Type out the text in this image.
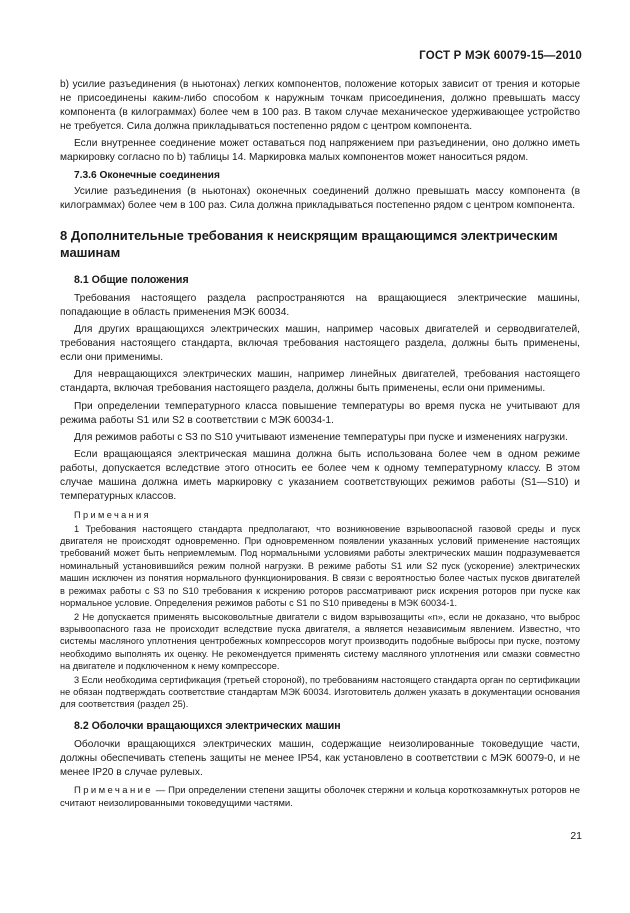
ГОСТ Р МЭК 60079-15—2010

b) усилие разъединения (в ньютонах) легких компонентов, положение которых зависит от трения и которые не присоединены каким-либо способом к наружным точкам присоединения, должно превышать массу компонента (в килограммах) более чем в 100 раз. В таком случае механическое удерживающее устройство не требуется. Сила должна прикладываться постепенно рядом с центром компонента.

Если внутреннее соединение может оставаться под напряжением при разъединении, оно должно иметь маркировку согласно по b) таблицы 14. Маркировка малых компонентов может наноситься рядом.

7.3.6 Оконечные соединения

Усилие разъединения (в ньютонах) оконечных соединений должно превышать массу компонента (в килограммах) более чем в 100 раз. Сила должна прикладываться постепенно рядом с центром компонента.

8 Дополнительные требования к неискрящим вращающимся электрическим машинам
8.1 Общие положения

Требования настоящего раздела распространяются на вращающиеся электрические машины, попадающие в область применения МЭК 60034.

Для других вращающихся электрических машин, например часовых двигателей и серводвигателей, требования настоящего стандарта, включая требования настоящего раздела, должны быть применены, если они применимы.

Для невращающихся электрических машин, например линейных двигателей, требования настоящего стандарта, включая требования настоящего раздела, должны быть применены, если они применимы.

При определении температурного класса повышение температуры во время пуска не учитывают для режима работы S1 или S2 в соответствии с МЭК 60034-1.

Для режимов работы с S3 по S10 учитывают изменение температуры при пуске и изменениях нагрузки.

Если вращающаяся электрическая машина должна быть использована более чем в одном режиме работы, допускается вследствие этого относить ее более чем к одному температурному классу. В этом случае машина должна иметь маркировку с указанием соответствующих режимов работы (S1—S10) и температурных классов.

Примечания
1 Требования настоящего стандарта предполагают, что возникновение взрывоопасной газовой среды и пуск двигателя не происходят одновременно. При одновременном появлении указанных условий применение настоящих требований может быть неприемлемым. Под нормальными условиями работы электрических машин подразумевается номинальный установившийся режим полной нагрузки. В режиме работы S1 или S2 пуск (ускорение) электрических машин исключен из понятия нормального функционирования. В связи с вероятностью более частых пусков двигателей в режимах работы с S3 по S10 требования к искрению роторов рассматривают риск искрения роторов при пуске как нормальное условие. Определения режимов работы с S1 по S10 приведены в МЭК 60034-1.
2 Не допускается применять высоковольтные двигатели с видом взрывозащиты «n», если не доказано, что выброс взрывоопасного газа не происходит вследствие пуска двигателя, а является независимым явлением. Известно, что системы масляного уплотнения центробежных компрессоров могут производить подобные выбросы при пуске, поэтому необходимо выполнять их оценку. Не рекомендуется применять систему масляного уплотнения или смазки совместно на двигателе и подключенном к нему компрессоре.
3 Если необходима сертификация (третьей стороной), по требованиям настоящего стандарта орган по сертификации не обязан подтверждать соответствие стандартам МЭК 60034. Изготовитель должен указать в документации основания для соответствия (раздел 25).
8.2 Оболочки вращающихся электрических машин

Оболочки вращающихся электрических машин, содержащие неизолированные токоведущие части, должны обеспечивать степень защиты не менее IP54, как установлено в соответствии с МЭК 60079-0, и не менее IP20 в случае рулевых.

Примечание — При определении степени защиты оболочек стержни и кольца короткозамкнутых роторов не считают неизолированными токоведущими частями.
21
